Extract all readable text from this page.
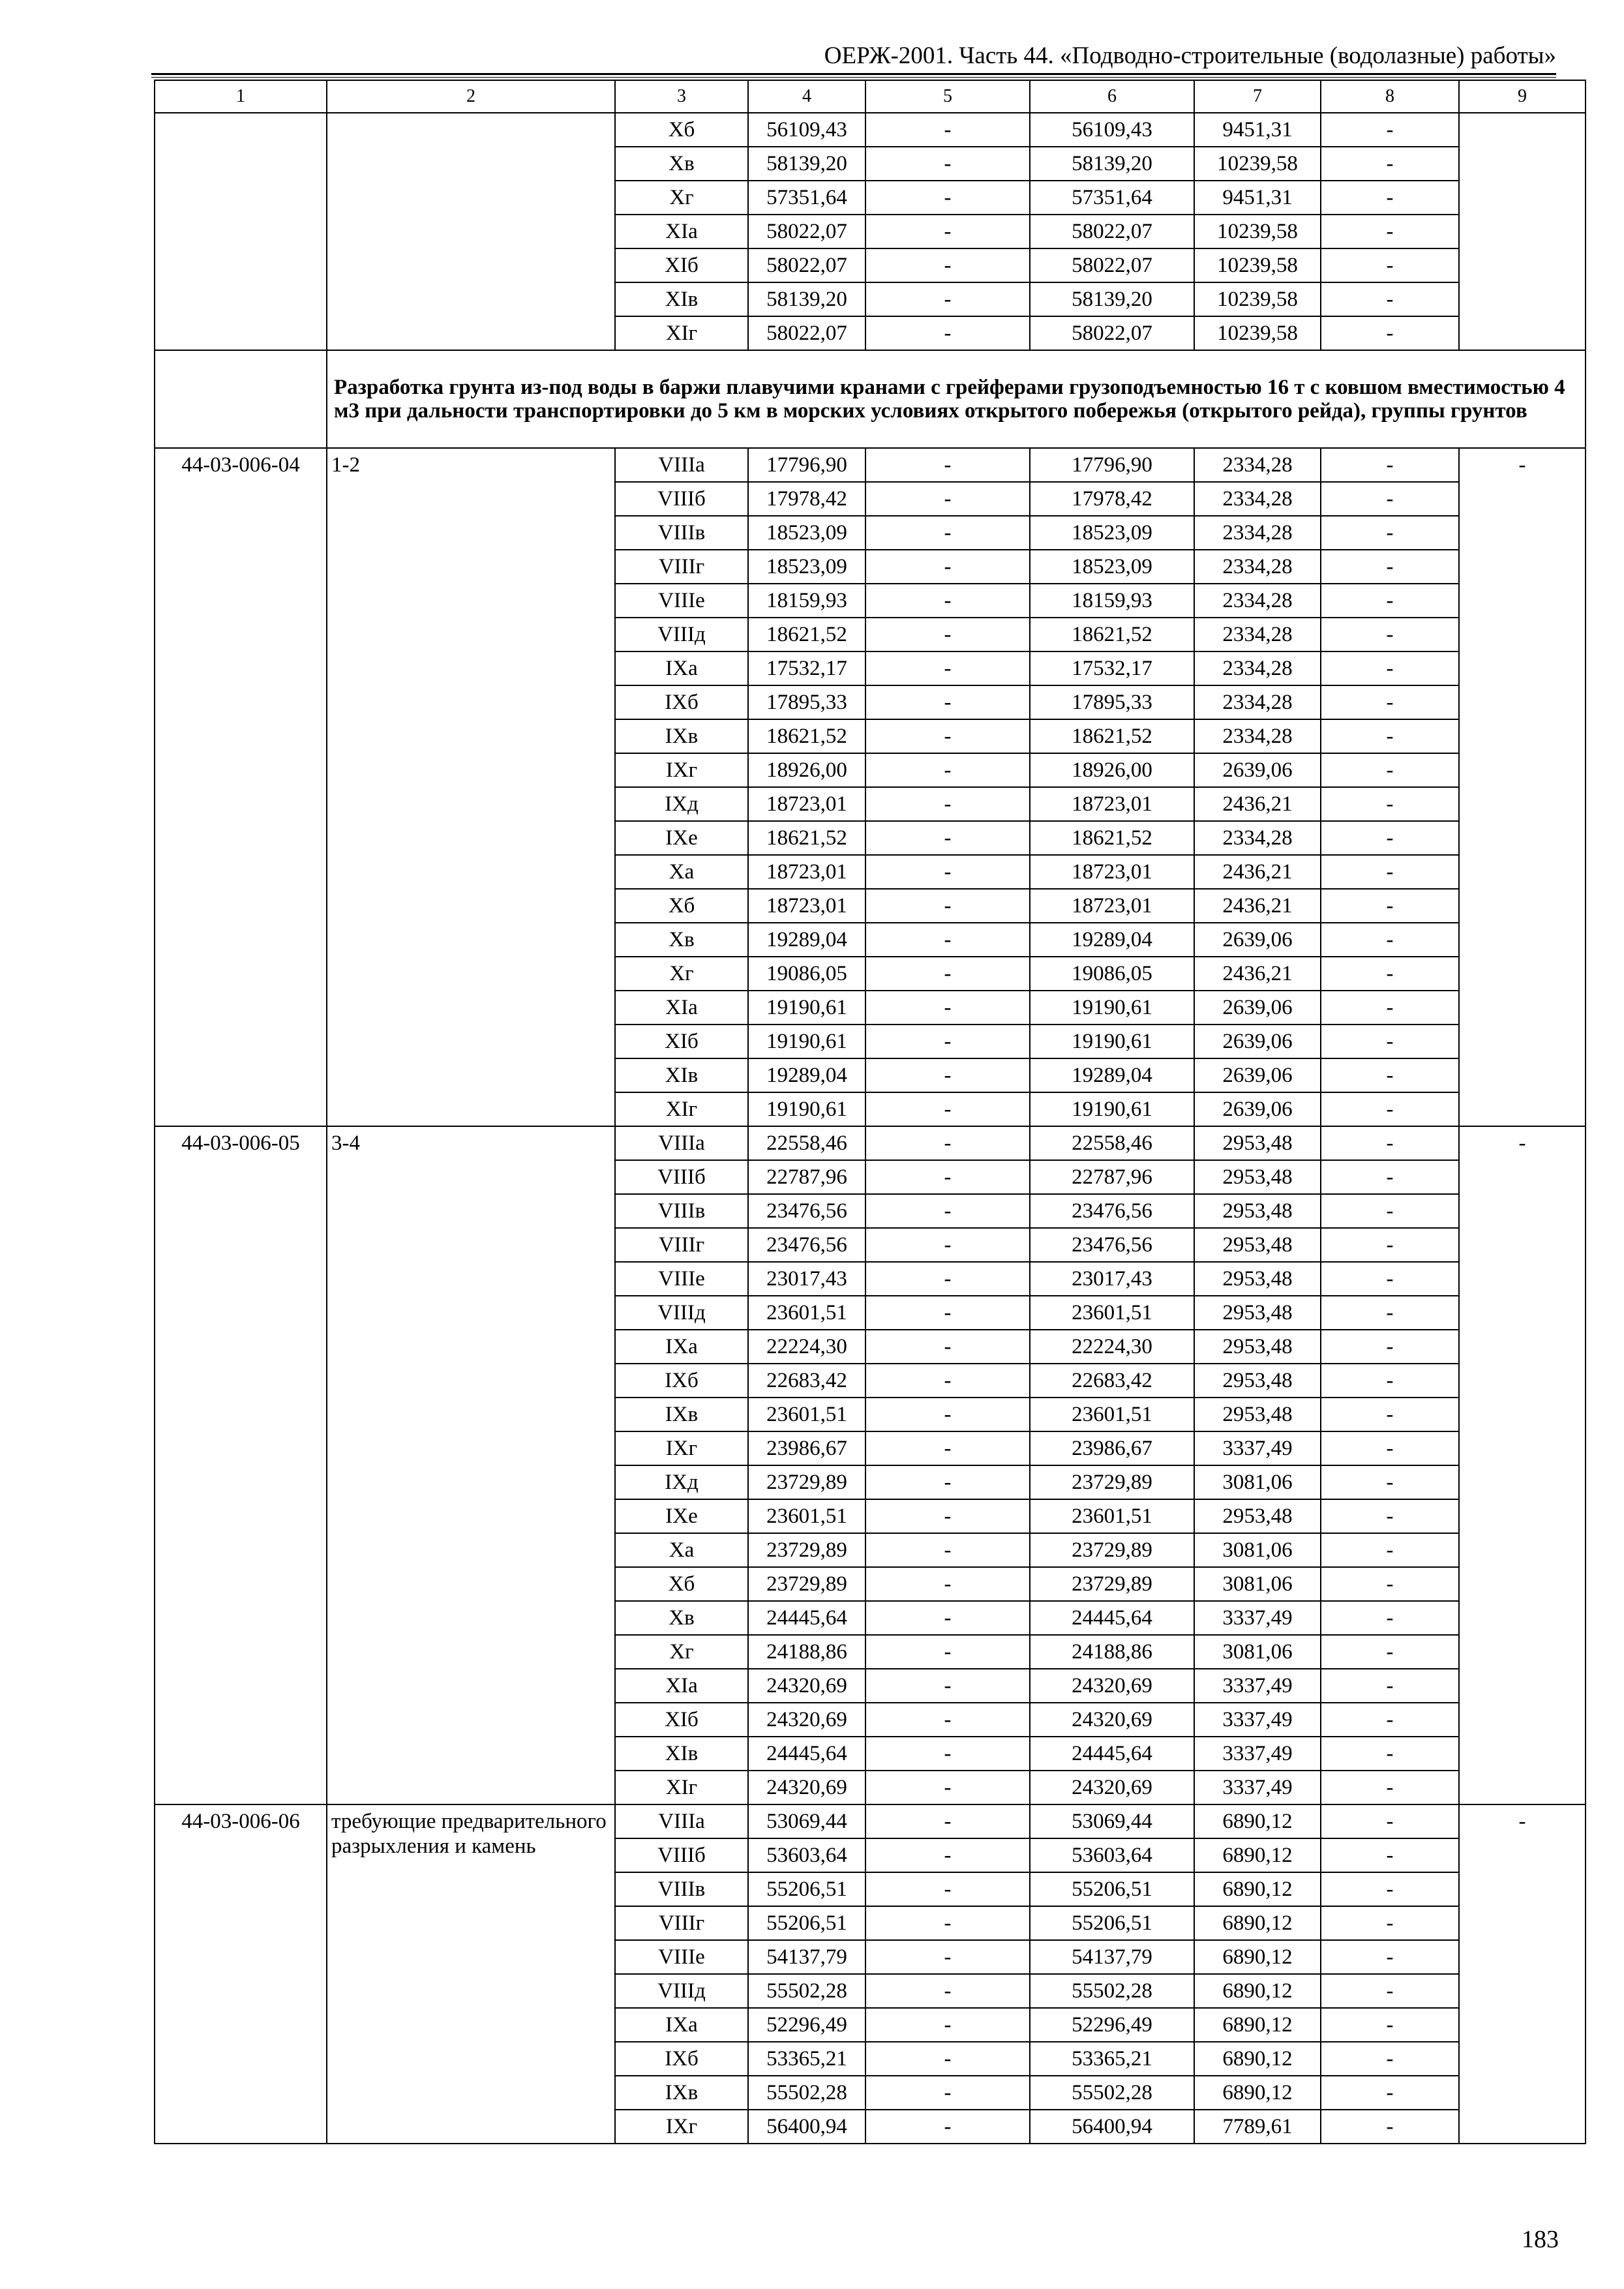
ОЕРЖ-2001. Часть 44. «Подводно-строительные (водолазные) работы»
1	2	3	4	5	6	7	8	9
		Xб	56109,43	-	56109,43	9451,31	-	
		Xв	58139,20	-	58139,20	10239,58	-	
		Xг	57351,64	-	57351,64	9451,31	-	
		XIа	58022,07	-	58022,07	10239,58	-	
		XIб	58022,07	-	58022,07	10239,58	-	
		XIв	58139,20	-	58139,20	10239,58	-	
		XIг	58022,07	-	58022,07	10239,58	-	
	Разработка грунта из-под воды в баржи плавучими кранами с грейферами грузоподъемностью 16 т с ковшом вместимостью 4 м3 при дальности транспортировки до 5 км в морских условиях открытого побережья (открытого рейда), группы грунтов							
44-03-006-04	1-2	VIIIа	17796,90	-	17796,90	2334,28	-	-
		VIIIб	17978,42	-	17978,42	2334,28	-	
		VIIIв	18523,09	-	18523,09	2334,28	-	
		VIIIг	18523,09	-	18523,09	2334,28	-	
		VIIIе	18159,93	-	18159,93	2334,28	-	
		VIIIд	18621,52	-	18621,52	2334,28	-	
		IXа	17532,17	-	17532,17	2334,28	-	
		IXб	17895,33	-	17895,33	2334,28	-	
		IXв	18621,52	-	18621,52	2334,28	-	
		IXг	18926,00	-	18926,00	2639,06	-	
		IXд	18723,01	-	18723,01	2436,21	-	
		IXе	18621,52	-	18621,52	2334,28	-	
		Xа	18723,01	-	18723,01	2436,21	-	
		Xб	18723,01	-	18723,01	2436,21	-	
		Xв	19289,04	-	19289,04	2639,06	-	
		Xг	19086,05	-	19086,05	2436,21	-	
		XIа	19190,61	-	19190,61	2639,06	-	
		XIб	19190,61	-	19190,61	2639,06	-	
		XIв	19289,04	-	19289,04	2639,06	-	
		XIг	19190,61	-	19190,61	2639,06	-	
44-03-006-05	3-4	VIIIа	22558,46	-	22558,46	2953,48	-	-
		VIIIб	22787,96	-	22787,96	2953,48	-	
		VIIIв	23476,56	-	23476,56	2953,48	-	
		VIIIг	23476,56	-	23476,56	2953,48	-	
		VIIIе	23017,43	-	23017,43	2953,48	-	
		VIIIд	23601,51	-	23601,51	2953,48	-	
		IXа	22224,30	-	22224,30	2953,48	-	
		IXб	22683,42	-	22683,42	2953,48	-	
		IXв	23601,51	-	23601,51	2953,48	-	
		IXг	23986,67	-	23986,67	3337,49	-	
		IXд	23729,89	-	23729,89	3081,06	-	
		IXе	23601,51	-	23601,51	2953,48	-	
		Xа	23729,89	-	23729,89	3081,06	-	
		Xб	23729,89	-	23729,89	3081,06	-	
		Xв	24445,64	-	24445,64	3337,49	-	
		Xг	24188,86	-	24188,86	3081,06	-	
		XIа	24320,69	-	24320,69	3337,49	-	
		XIб	24320,69	-	24320,69	3337,49	-	
		XIв	24445,64	-	24445,64	3337,49	-	
		XIг	24320,69	-	24320,69	3337,49	-	
44-03-006-06	требующие предварительного разрыхления и камень	VIIIа	53069,44	-	53069,44	6890,12	-	-
		VIIIб	53603,64	-	53603,64	6890,12	-	
		VIIIв	55206,51	-	55206,51	6890,12	-	
		VIIIг	55206,51	-	55206,51	6890,12	-	
		VIIIе	54137,79	-	54137,79	6890,12	-	
		VIIIд	55502,28	-	55502,28	6890,12	-	
		IXа	52296,49	-	52296,49	6890,12	-	
		IXб	53365,21	-	53365,21	6890,12	-	
		IXв	55502,28	-	55502,28	6890,12	-	
		IXг	56400,94	-	56400,94	7789,61	-	
183
